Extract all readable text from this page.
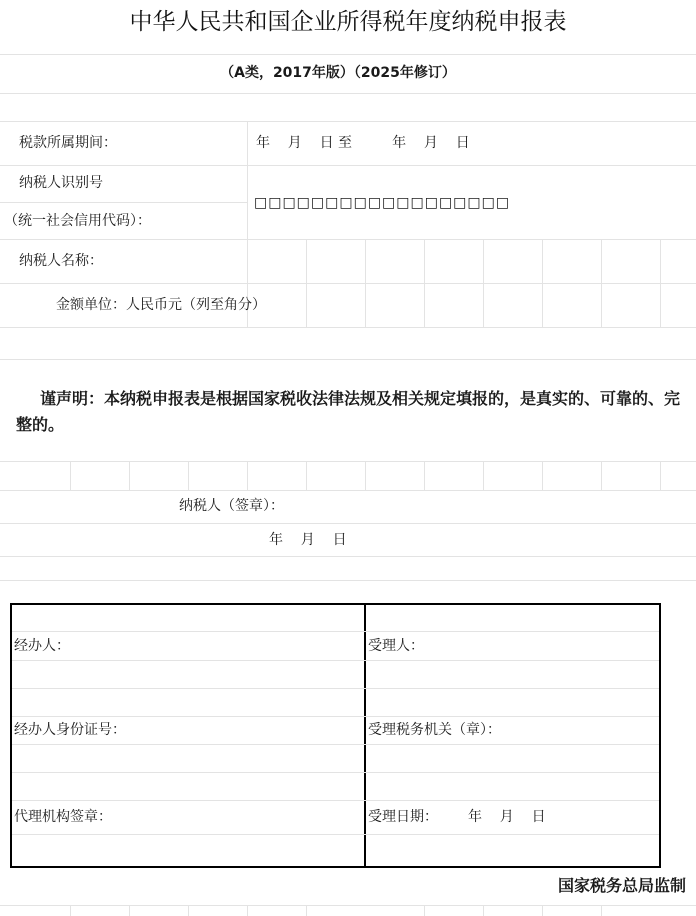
中华人民共和国企业所得税年度纳税申报表
（A类，2017年版）（2025年修订）
税款所属期间：	年    月    日 至         年    月    日
纳税人识别号
（统一社会信用代码）：
□□□□□□□□□□□□□□□□□□
纳税人名称：
金额单位：人民币元（列至角分）
谨声明：本纳税申报表是根据国家税收法律法规及相关规定填报的，是真实的、可靠的、完整的。
纳税人（签章）：
年    月    日
经办人：
经办人身份证号：
代理机构签章：
受理人：
受理税务机关（章）：
受理日期： 年    月    日
国家税务总局监制
